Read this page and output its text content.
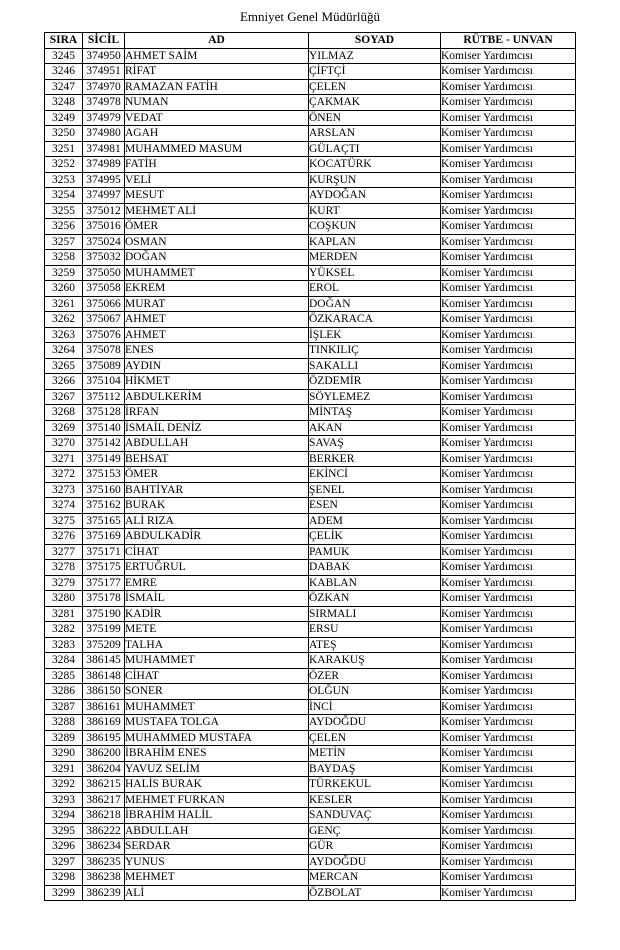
Emniyet Genel Müdürlüğü
SIRA	SİCİL	AD	SOYAD	RÜTBE - UNVAN
3245	374950	AHMET SAİM	YILMAZ	Komiser Yardımcısı
3246	374951	RİFAT	ÇİFTÇİ	Komiser Yardımcısı
3247	374970	RAMAZAN FATİH	ÇELEN	Komiser Yardımcısı
3248	374978	NUMAN	ÇAKMAK	Komiser Yardımcısı
3249	374979	VEDAT	ÖNEN	Komiser Yardımcısı
3250	374980	AGAH	ARSLAN	Komiser Yardımcısı
3251	374981	MUHAMMED MASUM	GÜLAÇTI	Komiser Yardımcısı
3252	374989	FATİH	KOCATÜRK	Komiser Yardımcısı
3253	374995	VELİ	KURŞUN	Komiser Yardımcısı
3254	374997	MESUT	AYDOĞAN	Komiser Yardımcısı
3255	375012	MEHMET ALİ	KURT	Komiser Yardımcısı
3256	375016	ÖMER	COŞKUN	Komiser Yardımcısı
3257	375024	OSMAN	KAPLAN	Komiser Yardımcısı
3258	375032	DOĞAN	MERDEN	Komiser Yardımcısı
3259	375050	MUHAMMET	YÜKSEL	Komiser Yardımcısı
3260	375058	EKREM	EROL	Komiser Yardımcısı
3261	375066	MURAT	DOĞAN	Komiser Yardımcısı
3262	375067	AHMET	ÖZKARACA	Komiser Yardımcısı
3263	375076	AHMET	İŞLEK	Komiser Yardımcısı
3264	375078	ENES	TINKILIÇ	Komiser Yardımcısı
3265	375089	AYDIN	SAKALLI	Komiser Yardımcısı
3266	375104	HİKMET	ÖZDEMİR	Komiser Yardımcısı
3267	375112	ABDULKERİM	SÖYLEMEZ	Komiser Yardımcısı
3268	375128	İRFAN	MİNTAŞ	Komiser Yardımcısı
3269	375140	İSMAİL DENİZ	AKAN	Komiser Yardımcısı
3270	375142	ABDULLAH	SAVAŞ	Komiser Yardımcısı
3271	375149	BEHSAT	BERKER	Komiser Yardımcısı
3272	375153	ÖMER	EKİNCİ	Komiser Yardımcısı
3273	375160	BAHTİYAR	ŞENEL	Komiser Yardımcısı
3274	375162	BURAK	ESEN	Komiser Yardımcısı
3275	375165	ALİ RIZA	ADEM	Komiser Yardımcısı
3276	375169	ABDULKADİR	ÇELİK	Komiser Yardımcısı
3277	375171	CİHAT	PAMUK	Komiser Yardımcısı
3278	375175	ERTUĞRUL	DABAK	Komiser Yardımcısı
3279	375177	EMRE	KABLAN	Komiser Yardımcısı
3280	375178	İSMAİL	ÖZKAN	Komiser Yardımcısı
3281	375190	KADİR	SIRMALI	Komiser Yardımcısı
3282	375199	METE	ERSU	Komiser Yardımcısı
3283	375209	TALHA	ATEŞ	Komiser Yardımcısı
3284	386145	MUHAMMET	KARAKUŞ	Komiser Yardımcısı
3285	386148	CİHAT	ÖZER	Komiser Yardımcısı
3286	386150	SONER	OLĞUN	Komiser Yardımcısı
3287	386161	MUHAMMET	İNCİ	Komiser Yardımcısı
3288	386169	MUSTAFA TOLGA	AYDOĞDU	Komiser Yardımcısı
3289	386195	MUHAMMED MUSTAFA	ÇELEN	Komiser Yardımcısı
3290	386200	İBRAHİM ENES	METİN	Komiser Yardımcısı
3291	386204	YAVUZ SELİM	BAYDAŞ	Komiser Yardımcısı
3292	386215	HALİS BURAK	TÜRKEKUL	Komiser Yardımcısı
3293	386217	MEHMET FURKAN	KESLER	Komiser Yardımcısı
3294	386218	İBRAHİM HALİL	SANDUVAÇ	Komiser Yardımcısı
3295	386222	ABDULLAH	GENÇ	Komiser Yardımcısı
3296	386234	SERDAR	GÜR	Komiser Yardımcısı
3297	386235	YUNUS	AYDOĞDU	Komiser Yardımcısı
3298	386238	MEHMET	MERCAN	Komiser Yardımcısı
3299	386239	ALİ	ÖZBOLAT	Komiser Yardımcısı
